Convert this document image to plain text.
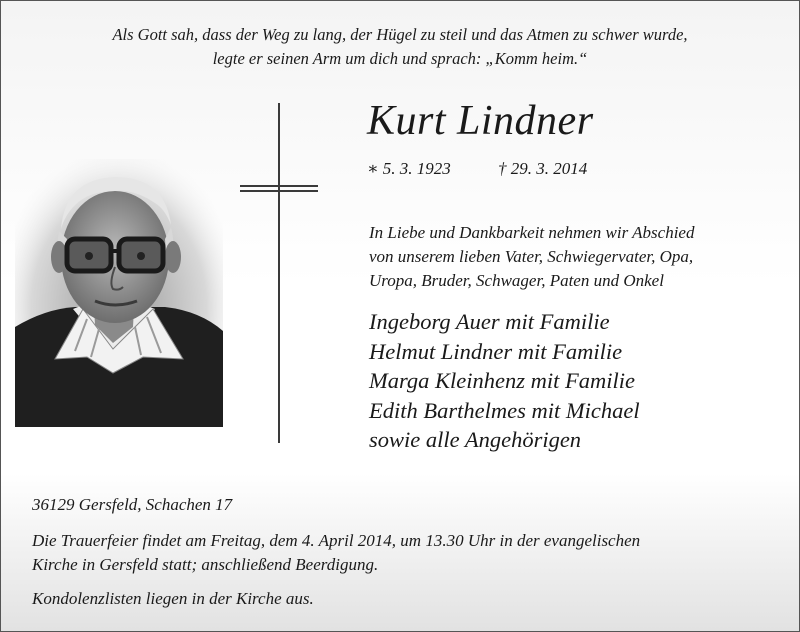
Als Gott sah, dass der Weg zu lang, der Hügel zu steil und das Atmen zu schwer wurde,
legte er seinen Arm um dich und sprach: „Komm heim.“
Kurt Lindner
∗ 5. 3. 1923	† 29. 3. 2014
In Liebe und Dankbarkeit nehmen wir Abschied
von unserem lieben Vater, Schwiegervater, Opa,
Uropa, Bruder, Schwager, Paten und Onkel
Ingeborg Auer mit Familie
Helmut Lindner mit Familie
Marga Kleinhenz mit Familie
Edith Barthelmes mit Michael
sowie alle Angehörigen
36129 Gersfeld, Schachen 17
Die Trauerfeier findet am Freitag, dem 4. April 2014, um 13.30 Uhr in der evangelischen
Kirche in Gersfeld statt; anschließend Beerdigung.
Kondolenzlisten liegen in der Kirche aus.
